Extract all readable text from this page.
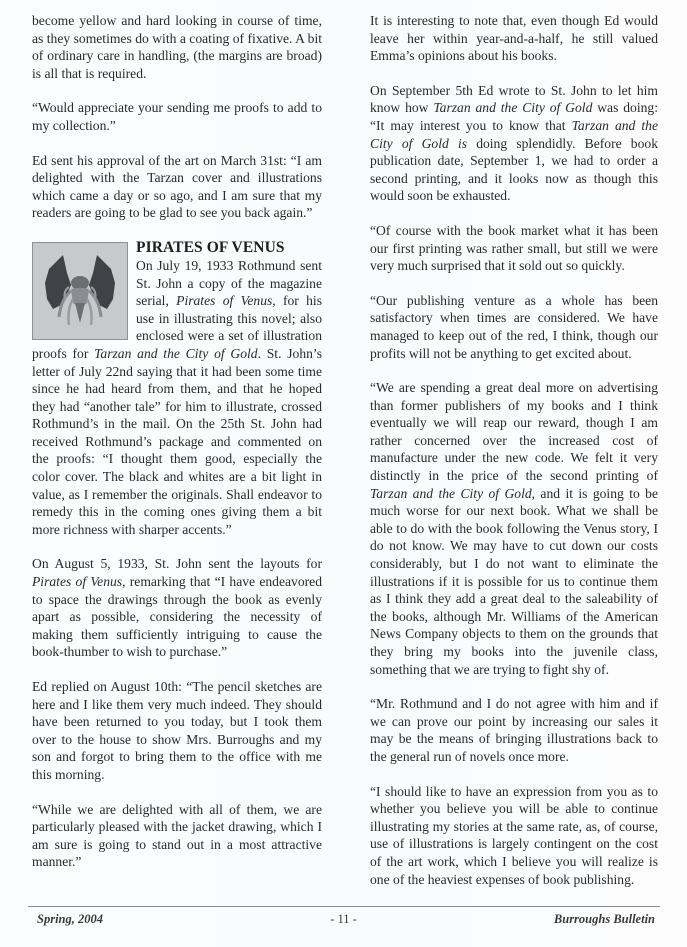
become yellow and hard looking in course of time, as they sometimes do with a coating of fixative. A bit of ordinary care in handling, (the margins are broad) is all that is required.

“Would appreciate your sending me proofs to add to my collection.”

Ed sent his approval of the art on March 31st: “I am delighted with the Tarzan cover and illustrations which came a day or so ago, and I am sure that my readers are going to be glad to see you back again.”

PIRATES OF VENUS

On July 19, 1933 Rothmund sent St. John a copy of the magazine serial, Pirates of Venus, for his use in illustrating this novel; also enclosed were a set of illustration proofs for Tarzan and the City of Gold. St. John’s letter of July 22nd saying that it had been some time since he had heard from them, and that he hoped they had “another tale” for him to illustrate, crossed Rothmund’s in the mail. On the 25th St. John had received Rothmund’s package and commented on the proofs: “I thought them good, especially the color cover. The black and whites are a bit light in value, as I remember the originals. Shall endeavor to remedy this in the coming ones giving them a bit more richness with sharper accents.”

On August 5, 1933, St. John sent the layouts for Pirates of Venus, remarking that “I have endeavored to space the drawings through the book as evenly apart as possible, considering the necessity of making them sufficiently intriguing to cause the book-thumber to wish to purchase.”

Ed replied on August 10th: “The pencil sketches are here and I like them very much indeed. They should have been returned to you today, but I took them over to the house to show Mrs. Burroughs and my son and forgot to bring them to the office with me this morning.

“While we are delighted with all of them, we are particularly pleased with the jacket drawing, which I am sure is going to stand out in a most attractive manner.”

It is interesting to note that, even though Ed would leave her within year-and-a-half, he still valued Emma’s opinions about his books.

On September 5th Ed wrote to St. John to let him know how Tarzan and the City of Gold was doing: “It may interest you to know that Tarzan and the City of Gold is doing splendidly. Before book publication date, September 1, we had to order a second printing, and it looks now as though this would soon be exhausted.

“Of course with the book market what it has been our first printing was rather small, but still we were very much surprised that it sold out so quickly.

“Our publishing venture as a whole has been satisfactory when times are considered. We have managed to keep out of the red, I think, though our profits will not be anything to get excited about.

“We are spending a great deal more on advertising than former publishers of my books and I think eventually we will reap our reward, though I am rather concerned over the increased cost of manufacture under the new code. We felt it very distinctly in the price of the second printing of Tarzan and the City of Gold, and it is going to be much worse for our next book. What we shall be able to do with the book following the Venus story, I do not know. We may have to cut down our costs considerably, but I do not want to eliminate the illustrations if it is possible for us to continue them as I think they add a great deal to the saleability of the books, although Mr. Williams of the American News Company objects to them on the grounds that they bring my books into the juvenile class, something that we are trying to fight shy of.

“Mr. Rothmund and I do not agree with him and if we can prove our point by increasing our sales it may be the means of bringing illustrations back to the general run of novels once more.

“I should like to have an expression from you as to whether you believe you will be able to continue illustrating my stories at the same rate, as, of course, use of illustrations is largely contingent on the cost of the art work, which I believe you will realize is one of the heaviest expenses of book publishing.

Spring, 2004	- 11 -	Burroughs Bulletin
